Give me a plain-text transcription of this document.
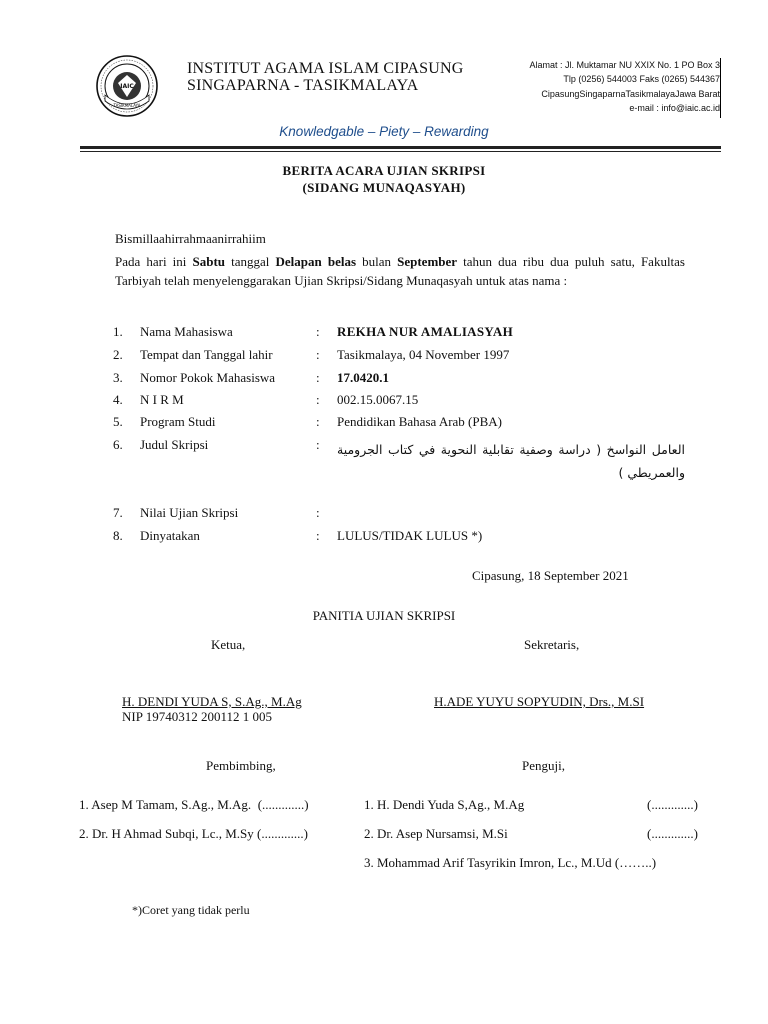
IAIC
TASIKMALAYA
INSTITUT AGAMA ISLAM CIPASUNG
SINGAPARNA - TASIKMALAYA
Alamat : Jl. Muktamar NU XXIX No. 1 PO Box 3
Tlp (0256) 544003 Faks (0265) 544367
CipasungSingaparnaTasikmalayaJawa Barat
e-mail : info@iaic.ac.id
Knowledgable – Piety – Rewarding
BERITA ACARA UJIAN SKRIPSI
(SIDANG MUNAQASYAH)
Bismillaahirrahmaanirrahiim
Pada hari ini Sabtu tanggal Delapan belas bulan September tahun dua ribu dua puluh satu, Fakultas Tarbiyah telah menyelenggarakan Ujian Skripsi/Sidang Munaqasyah untuk atas nama :
1. Nama Mahasiswa	: REKHA NUR AMALIASYAH
2. Tempat dan Tanggal lahir	: Tasikmalaya, 04 November 1997
3. Nomor Pokok Mahasiswa	: 17.0420.1
4. N I R M	: 002.15.0067.15
5. Program Studi	: Pendidikan Bahasa Arab (PBA)
6. Judul Skripsi	: العامل النواسخ ( دراسة وصفية تقابلية النحوية في كتاب الجرومية والعمريطي )
7. Nilai Ujian Skripsi	:
8. Dinyatakan	: LULUS/TIDAK LULUS *)
Cipasung, 18 September 2021
PANITIA UJIAN SKRIPSI
Ketua,	Sekretaris,
H. DENDI YUDA S, S.Ag., M.Ag
NIP 19740312 200112 1 005
H.ADE YUYU SOPYUDIN, Drs., M.SI
Pembimbing,	Penguji,
1. Asep M Tamam, S.Ag., M.Ag. (.............)
2. Dr. H Ahmad Subqi, Lc., M.Sy (.............)
1. H. Dendi Yuda S,Ag., M.Ag	(.............)
2. Dr. Asep Nursamsi, M.Si	(.............)
3. Mohammad Arif Tasyrikin Imron, Lc., M.Ud (……..)
*)Coret yang tidak perlu
